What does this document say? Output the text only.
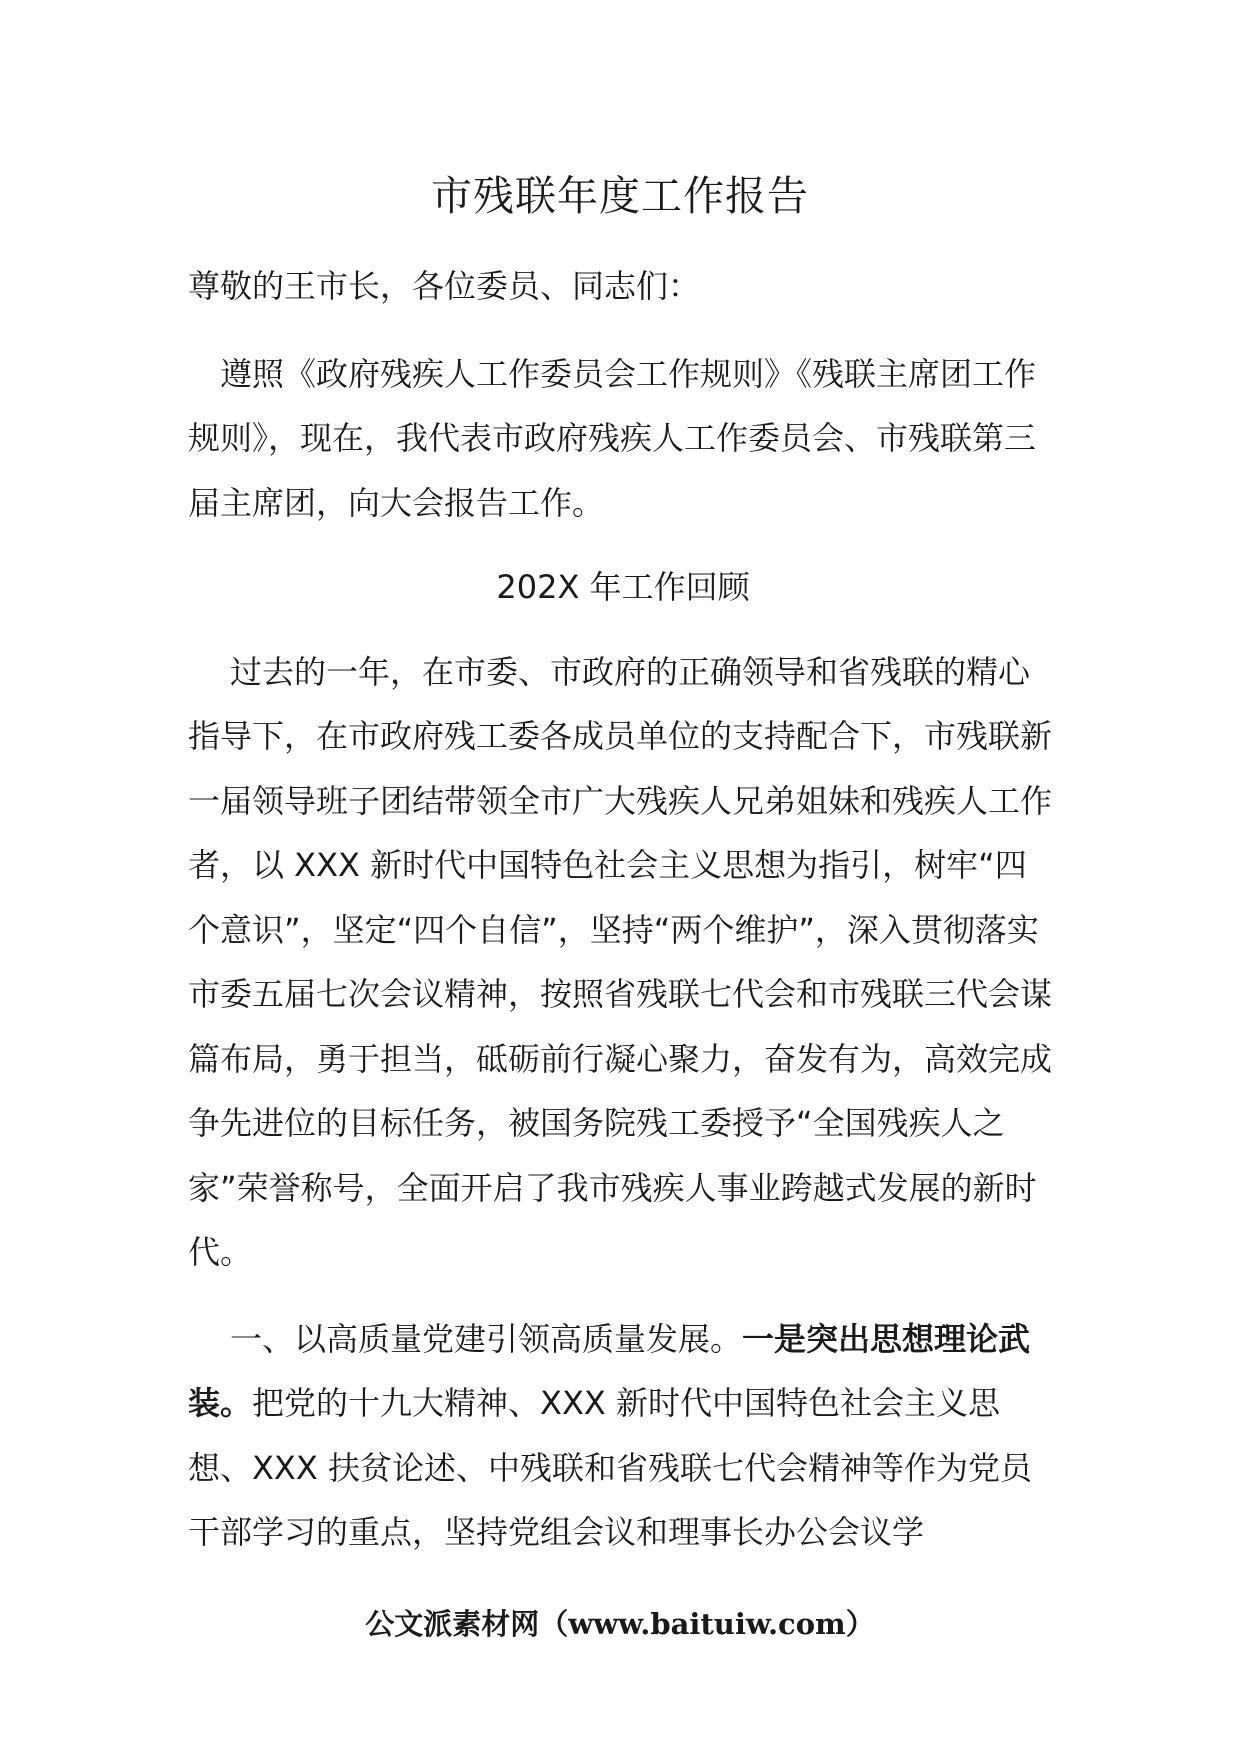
市残联年度工作报告

尊敬的王市长，各位委员、同志们：

遵照《政府残疾人工作委员会工作规则》《残联主席团工作规则》，现在，我代表市政府残疾人工作委员会、市残联第三届主席团，向大会报告工作。

202X 年工作回顾

过去的一年，在市委、市政府的正确领导和省残联的精心指导下，在市政府残工委各成员单位的支持配合下，市残联新一届领导班子团结带领全市广大残疾人兄弟姐妹和残疾人工作者，以 XXX 新时代中国特色社会主义思想为指引，树牢“四个意识”，坚定“四个自信”，坚持“两个维护”，深入贯彻落实市委五届七次会议精神，按照省残联七代会和市残联三代会谋篇布局，勇于担当，砥砺前行凝心聚力，奋发有为，高效完成争先进位的目标任务，被国务院残工委授予“全国残疾人之家”荣誉称号，全面开启了我市残疾人事业跨越式发展的新时代。

一、以高质量党建引领高质量发展。一是突出思想理论武装。把党的十九大精神、XXX 新时代中国特色社会主义思想、XXX 扶贫论述、中残联和省残联七代会精神等作为党员干部学习的重点，坚持党组会议和理事长办公会议学

公文派素材网（www.baituiw.com）
